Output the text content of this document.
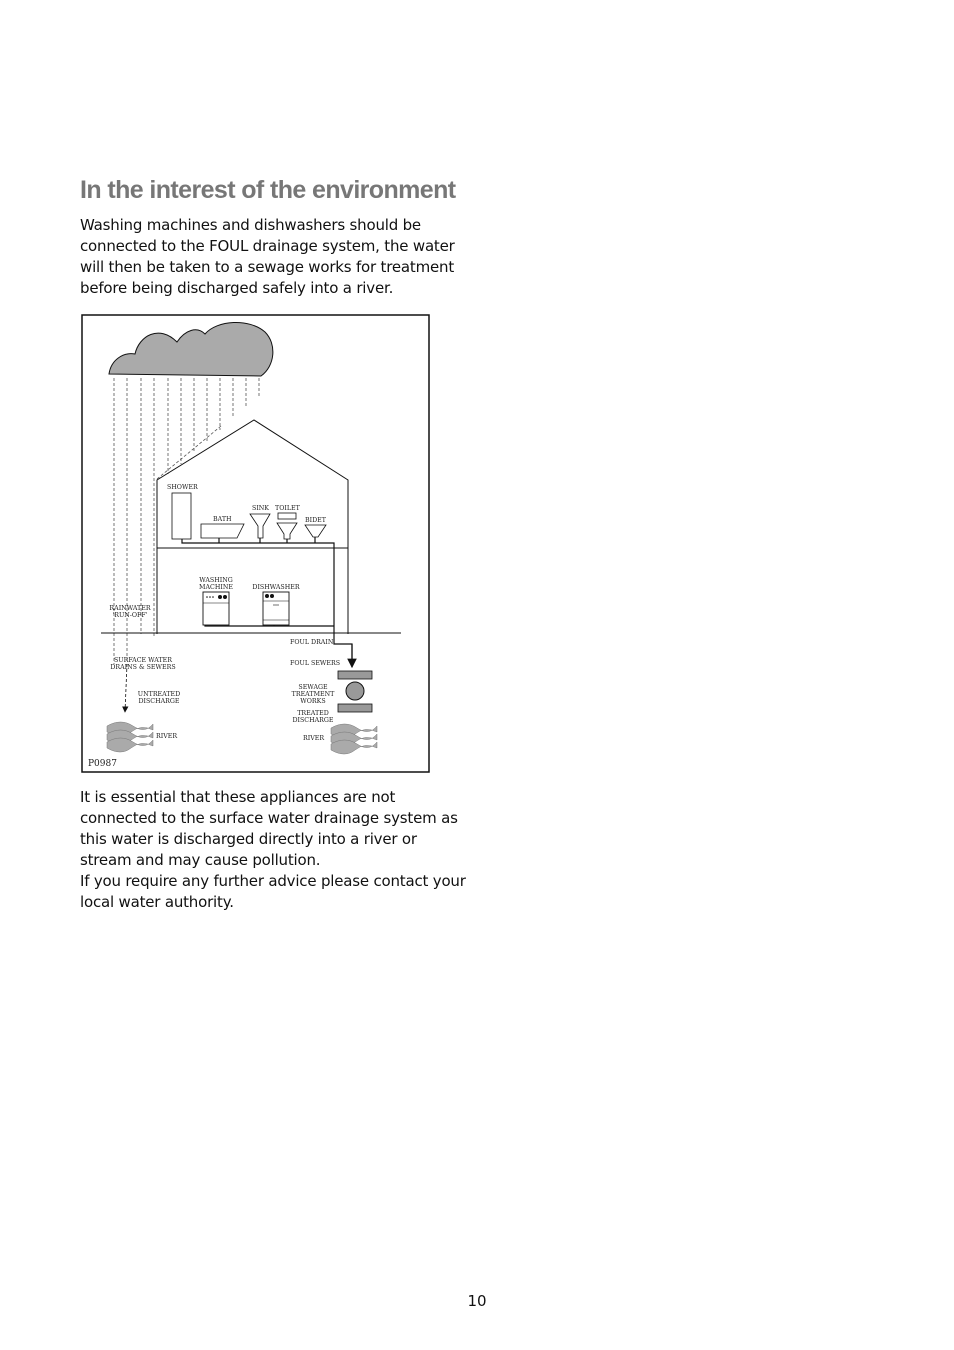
In the interest of the environment

Washing machines and dishwashers should be connected to the FOUL drainage system, the water will then be taken to a sewage works for treatment before being discharged safely into a river.

SHOWER
BATH
SINK TOILET
BIDET
WASHING
MACHINE	DISHWASHER
RAINWATER
'RUN-OFF'
SURFACE WATER
DRAINS & SEWERS
UNTREATED
DISCHARGE
RIVER
FOUL DRAIN
FOUL SEWERS
SEWAGE
TREATMENT
WORKS
TREATED
DISCHARGE
RIVER
P0987

It is essential that these appliances are not connected to the surface water drainage system as this water is discharged directly into a river or stream and may cause pollution.

If you require any further advice please contact your local water authority.

10
